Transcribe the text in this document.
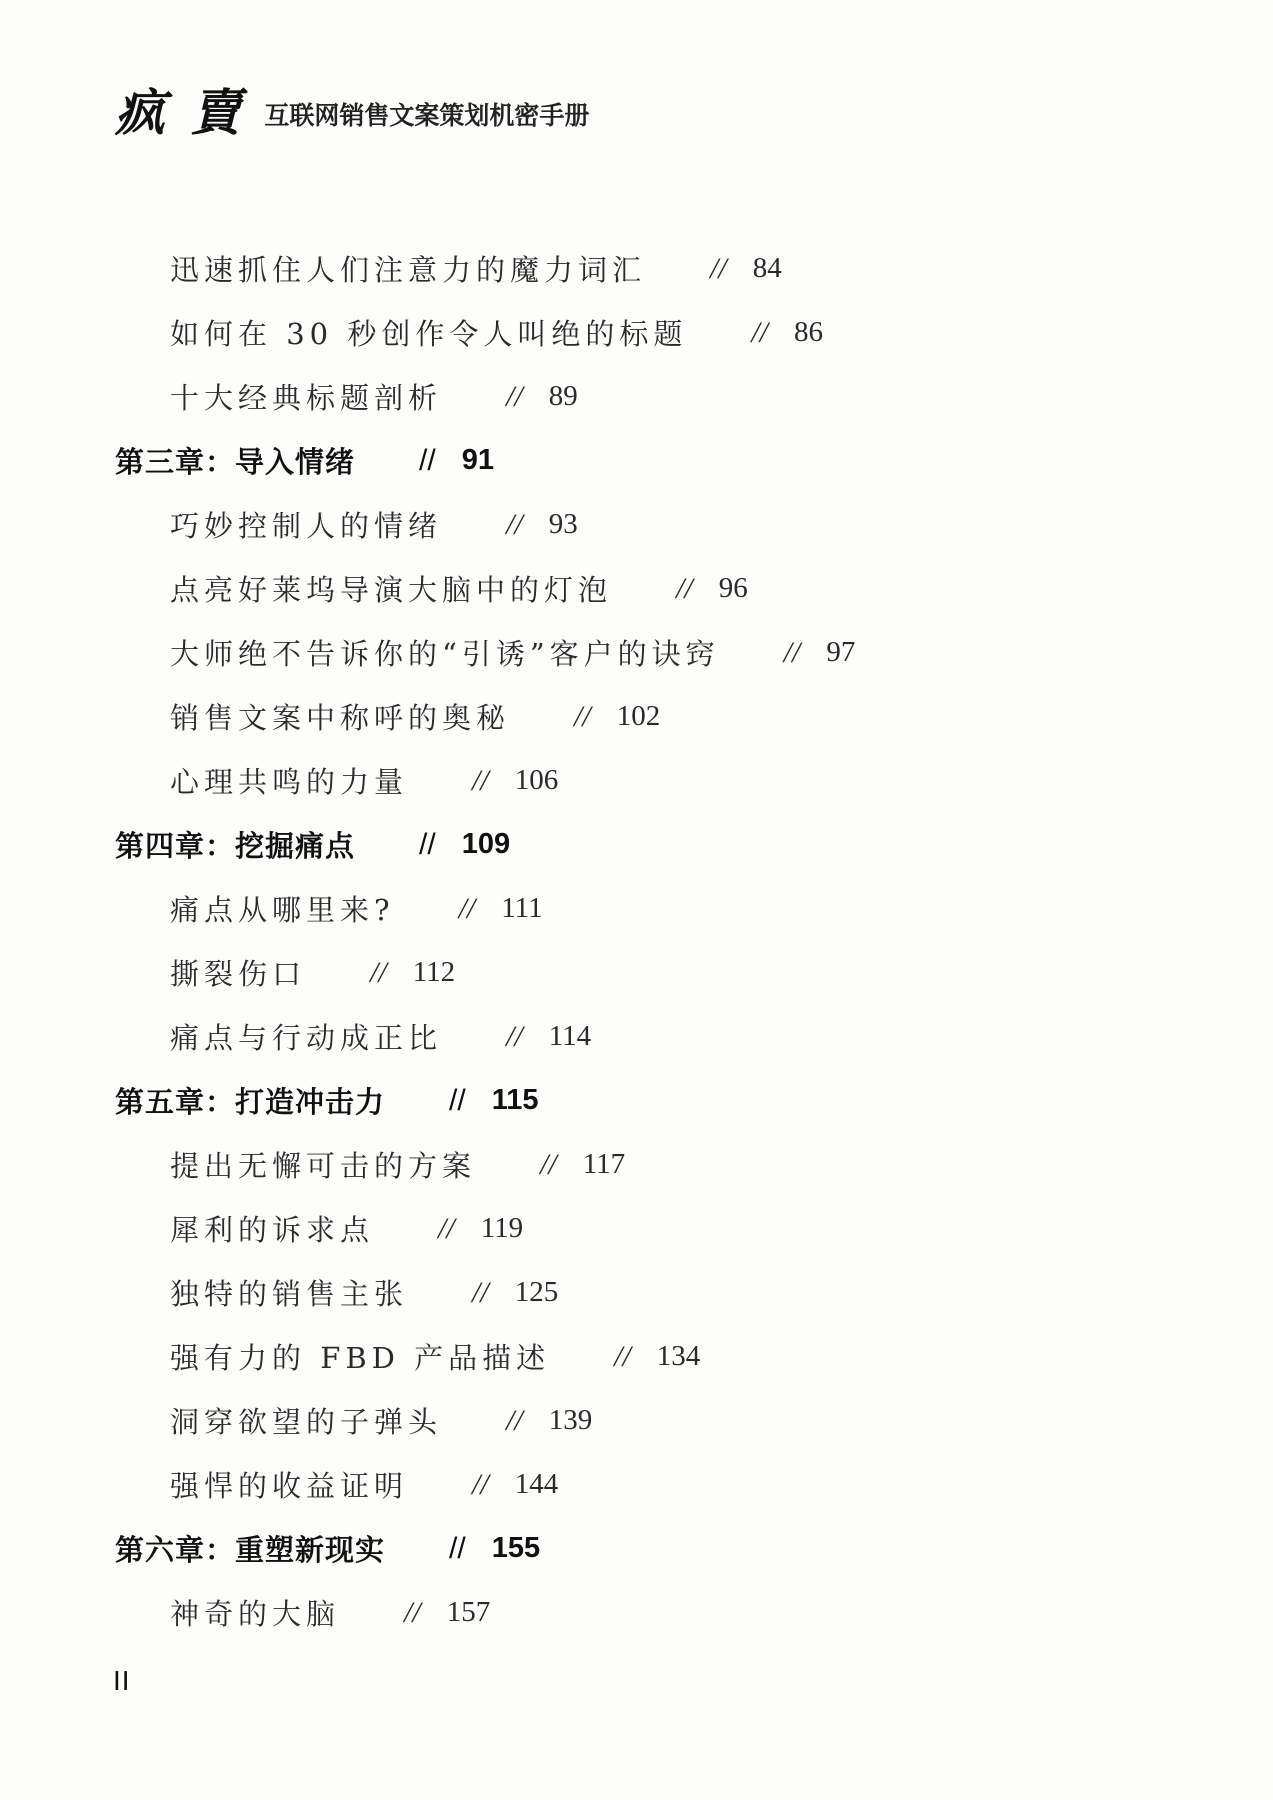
疯 賣 互联网销售文案策划机密手册
迅速抓住人们注意力的魔力词汇 // 84
如何在 30 秒创作令人叫绝的标题 // 86
十大经典标题剖析 // 89
第三章：导入情绪 // 91
巧妙控制人的情绪 // 93
点亮好莱坞导演大脑中的灯泡 // 96
大师绝不告诉你的“引诱”客户的诀窍 // 97
销售文案中称呼的奥秘 // 102
心理共鸣的力量 // 106
第四章：挖掘痛点 // 109
痛点从哪里来? // 111
撕裂伤口 // 112
痛点与行动成正比 // 114
第五章：打造冲击力 // 115
提出无懈可击的方案 // 117
犀利的诉求点 // 119
独特的销售主张 // 125
强有力的 FBD 产品描述 // 134
洞穿欲望的子弹头 // 139
强悍的收益证明 // 144
第六章：重塑新现实 // 155
神奇的大脑 // 157
II
